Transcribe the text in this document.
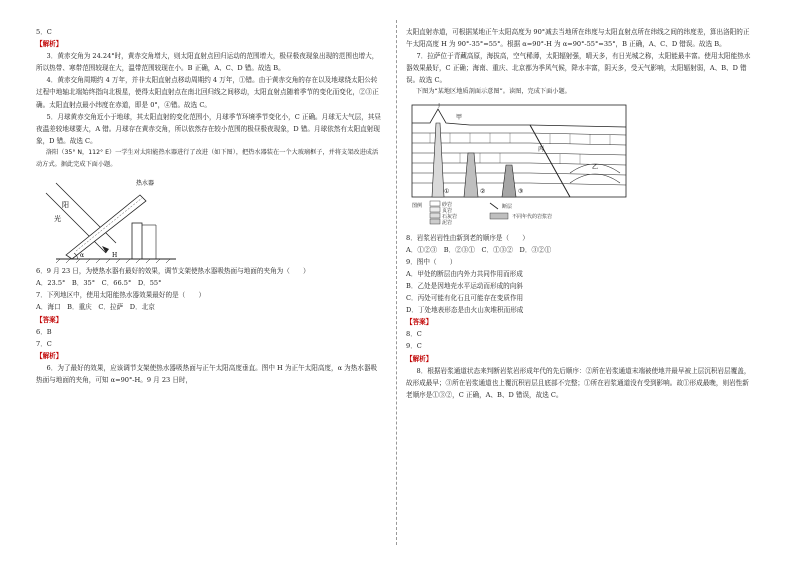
5．C

【解析】

3．黄赤交角为 24.24°时，黄赤交角增大，则太阳直射点回归运动的范围增大，极昼极夜现象出现的范围也增大，所以热带、寒带范围较现在大，温带范围较现在小。B 正确，A、C、D 错。故选 B。

4．黄赤交角周期约 4 万年，并非太阳直射点移动周期约 4 万年，①错。由于黄赤交角的存在以及地球绕太阳公转过程中地轴北端始终指向北极星，使得太阳直射点在南北回归线之间移动，太阳直射点随着季节的变化而变化，②③正确。太阳直射点最小纬度在赤道，即是 0°，④错。故选 C。

5．月球黄赤交角近小于地球，其太阳直射的变化范围小，月球季节环境季节变化小，C 正确。月球无大气层，其昼夜温差较地球要大，A 错。月球存在黄赤交角，所以依然存在较小范围的极昼极夜现象，D 错。月球依然有太阳直射现象，D 错。故选 C。

洛阳（35° N，112° E）一学生对太阳能热水器进行了改进（如下图），把热水器装在一个大玻璃框子，并将支架改进成活动方式。据此完成下面小题。

热水器
阳
光
α	H

6．9 月 23 日，为使热水器有最好的效果，调节支架使热水器吸热面与地面的夹角为（　　）

A．23.5°　B．35°　C．66.5°　D．55°

7．下列地区中，使用太阳能热水器效果最好的是（　　）

A．海口　B．重庆　C．拉萨　D．北京

【答案】

6．B

7．C

【解析】

6．为了最好的效果，应该调节支架使热水器吸热面与正午太阳高度垂直。图中 H 为正午太阳高度，α 为热水器吸热面与地面的夹角，可知 α=90°-H。9 月 23 日时，

太阳直射赤道，可根据某地正午太阳高度为 90°减去当地所在纬度与太阳直射点所在纬线之间的纬度差，算出洛阳的正午太阳高度 H 为 90°-35°=55°。根据 α=90°-H 为 α=90°-55°=35°，B 正确，A、C、D 错误。故选 B。

7．拉萨位于青藏高原，海拔高，空气稀薄，太阳辐射强，晴天多，有日光城之称，太阳能最丰富。使用太阳能热水器效果最好，C 正确；海南、重庆、北京都为季风气候，降水丰富，阴天多，受天气影响，太阳辐射弱，A、B、D 错误。故选 C。

下图为“某地区地质剖面示意图”。读图，完成下面小题。

①	②	③
甲
乙
丙
丁
图例	砂岩
页岩
石灰岩
泥岩
断层
不同年代的岩浆岩

8．岩浆岩岩性由新到老的顺序是（　　）

A．①②③　B．②③①　C．①③②　D．③②①

9．图中（　　）

A．甲处的断层由内外力共同作用而形成

B．乙处是因地壳水平运动而形成的向斜

C．丙处可能有化石且可能存在变质作用

D．丁处地表形态是由火山灰堆积而形成

【答案】

8．C

9．C

【解析】

8．根据岩浆通道状态来判断岩浆岩形成年代的先后顺序：②所在岩浆通道末端被使地井最早被上层沉积岩层覆盖，故形成最早；③所在岩浆通道也上覆沉积岩层且底部不完整；①所在岩浆通道没有受到影响。故①形成最晚，则岩性新老顺序是①③②，C 正确，A、B、D 错误，故选 C。
